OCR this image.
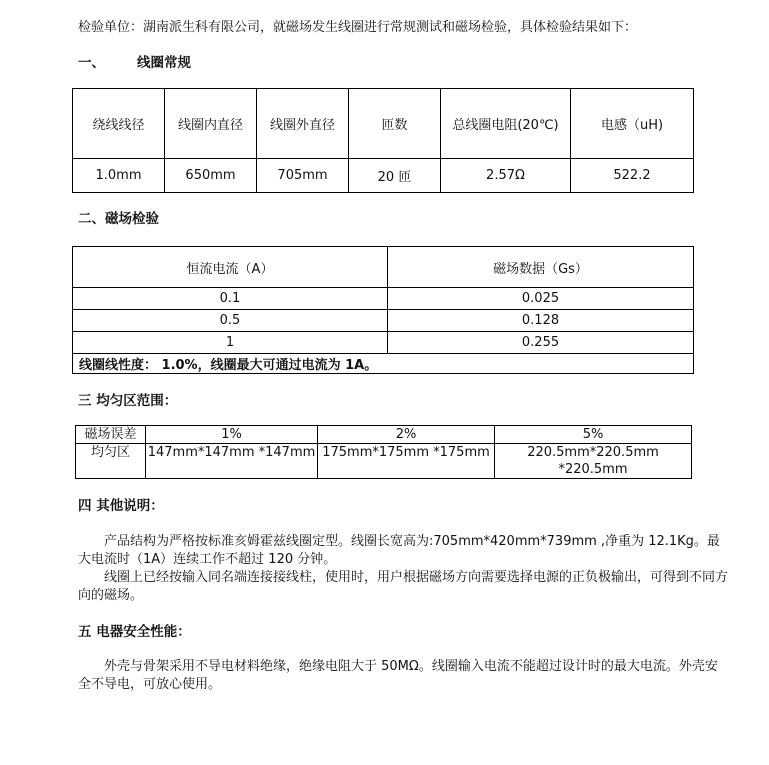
检验单位：湖南派生科有限公司，就磁场发生线圈进行常规测试和磁场检验，具体检验结果如下：
一、 线圈常规
绕线线径	线圈内直径	线圈外直径	匝数	总线圈电阻(20℃)	电感（uH)
1.0mm	650mm	705mm	20 匝	2.57Ω	522.2
二、磁场检验
恒流电流（A）	磁场数据（Gs）
0.1	0.025
0.5	0.128
1	0.255
线圈线性度： 1.0%，线圈最大可通过电流为 1A。	
三 均匀区范围：
磁场误差	1%	2%	5%
均匀区	147mm*147mm *147mm	175mm*175mm *175mm	220.5mm*220.5mm *220.5mm
四 其他说明：
产品结构为严格按标准亥姆霍兹线圈定型。线圈长宽高为:705mm*420mm*739mm ,净重为 12.1Kg。最大电流时（1A）连续工作不超过 120 分钟。
线圈上已经按输入同名端连接接线柱，使用时，用户根据磁场方向需要选择电源的正负极输出，可得到不同方向的磁场。
五 电器安全性能：
外壳与骨架采用不导电材料绝缘，绝缘电阻大于 50MΩ。线圈输入电流不能超过设计时的最大电流。外壳安全不导电，可放心使用。
